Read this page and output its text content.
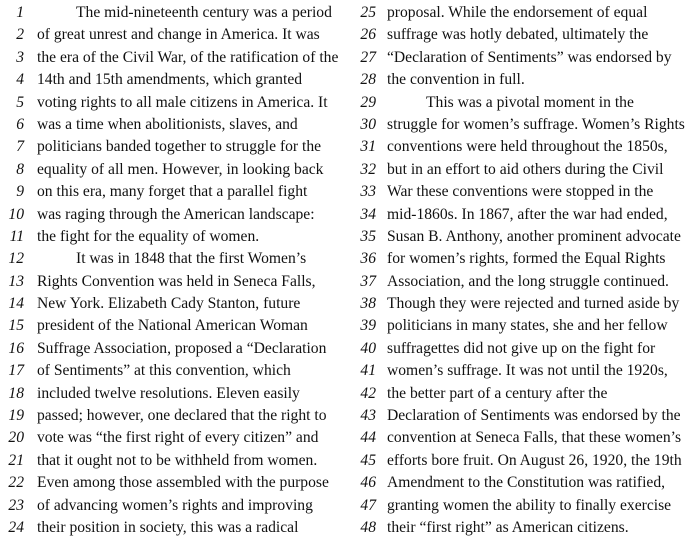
1	The mid-nineteenth century was a period
2 of great unrest and change in America. It was
3 the era of the Civil War, of the ratification of the
4 14th and 15th amendments, which granted
5 voting rights to all male citizens in America. It
6 was a time when abolitionists, slaves, and
7 politicians banded together to struggle for the
8 equality of all men. However, in looking back
9 on this era, many forget that a parallel fight
10 was raging through the American landscape:
11 the fight for the equality of women.
12	It was in 1848 that the first Women’s
13 Rights Convention was held in Seneca Falls,
14 New York. Elizabeth Cady Stanton, future
15 president of the National American Woman
16 Suffrage Association, proposed a “Declaration
17 of Sentiments” at this convention, which
18 included twelve resolutions. Eleven easily
19 passed; however, one declared that the right to
20 vote was “the first right of every citizen” and
21 that it ought not to be withheld from women.
22 Even among those assembled with the purpose
23 of advancing women’s rights and improving
24 their position in society, this was a radical
25 proposal. While the endorsement of equal
26 suffrage was hotly debated, ultimately the
27 “Declaration of Sentiments” was endorsed by
28 the convention in full.
29	This was a pivotal moment in the
30 struggle for women’s suffrage. Women’s Rights
31 conventions were held throughout the 1850s,
32 but in an effort to aid others during the Civil
33 War these conventions were stopped in the
34 mid-1860s. In 1867, after the war had ended,
35 Susan B. Anthony, another prominent advocate
36 for women’s rights, formed the Equal Rights
37 Association, and the long struggle continued.
38 Though they were rejected and turned aside by
39 politicians in many states, she and her fellow
40 suffragettes did not give up on the fight for
41 women’s suffrage. It was not until the 1920s,
42 the better part of a century after the
43 Declaration of Sentiments was endorsed by the
44 convention at Seneca Falls, that these women’s
45 efforts bore fruit. On August 26, 1920, the 19th
46 Amendment to the Constitution was ratified,
47 granting women the ability to finally exercise
48 their “first right” as American citizens.
